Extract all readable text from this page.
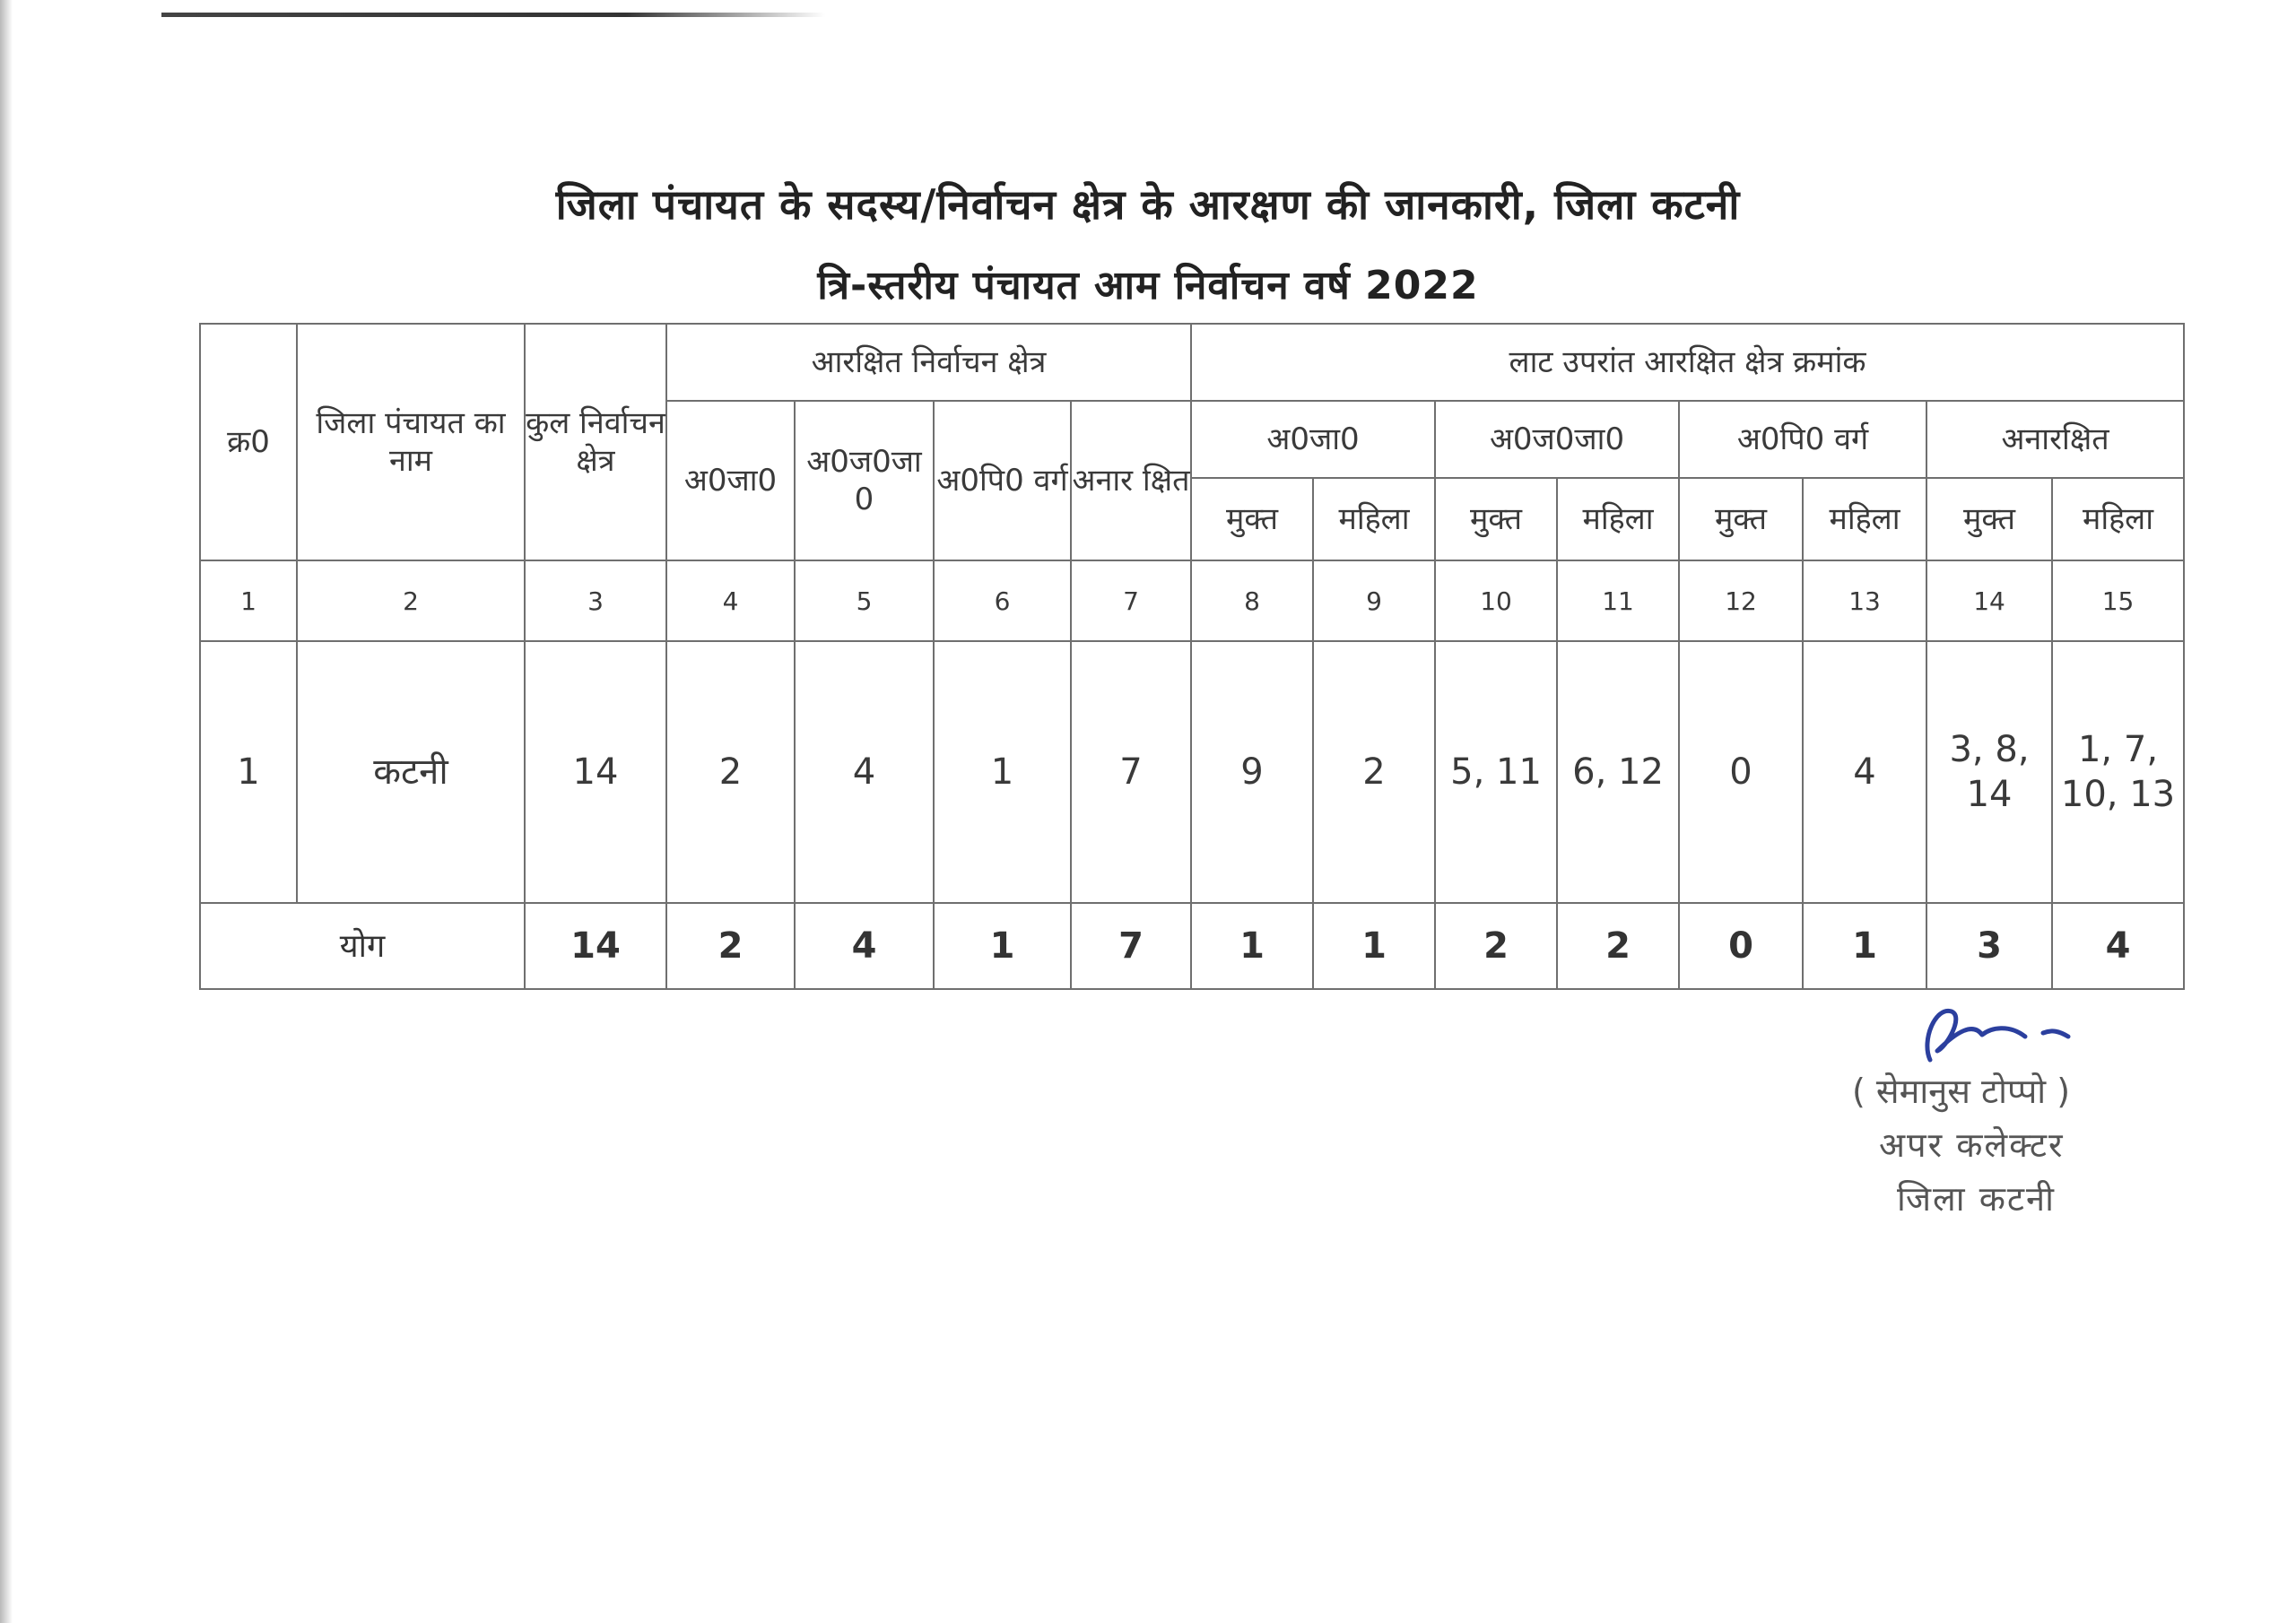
जिला पंचायत के सदस्य/निर्वाचन क्षेत्र के आरक्षण की जानकारी, जिला कटनी
त्रि-स्तरीय पंचायत आम निर्वाचन वर्ष 2022
क्र0	जिला पंचायत का नाम	कुल निर्वाचन क्षेत्र	आरक्षित निर्वाचन क्षेत्र				लाट उपरांत आरक्षित क्षेत्र क्रमांक							
			अ0जा0	अ0ज0जा 0	अ0पि0 वर्ग	अनार क्षित	अ0जा0		अ0ज0जा0		अ0पि0 वर्ग		अनारक्षित	
							मुक्त	महिला	मुक्त	महिला	मुक्त	महिला	मुक्त	महिला
1	2	3	4	5	6	7	8	9	10	11	12	13	14	15
1	कटनी	14	2	4	1	7	9	2	5, 11	6, 12	0	4	3, 8, 14	1, 7, 10, 13
योग		14	2	4	1	7	1	1	2	2	0	1	3	4
( सेमानुस टोप्पो )
अपर कलेक्टर
जिला कटनी
